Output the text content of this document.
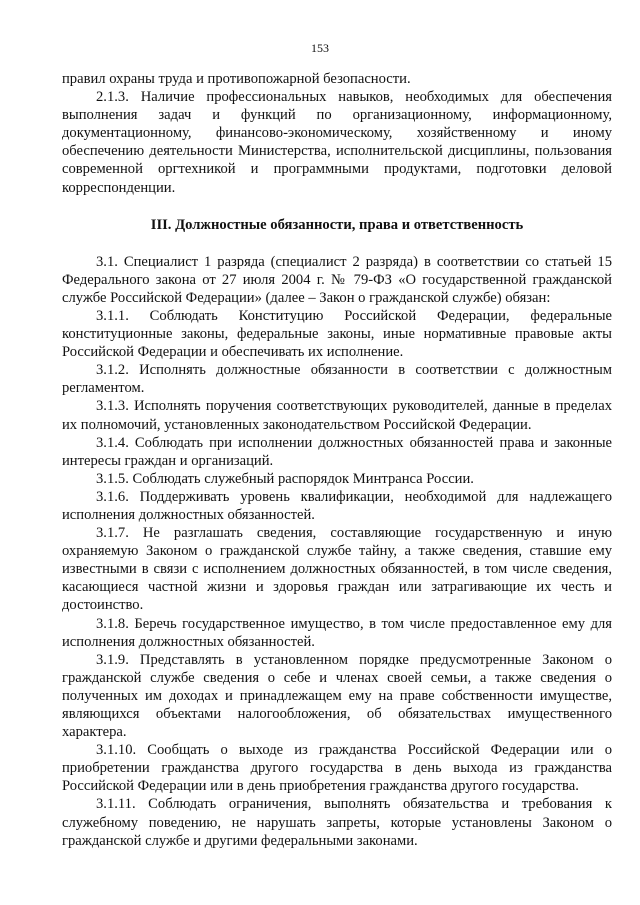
153

правил охраны труда и противопожарной безопасности.

2.1.3. Наличие профессиональных навыков, необходимых для обеспечения выполнения задач и функций по организационному, информационному, документационному, финансово-экономическому, хозяйственному и иному обеспечению деятельности Министерства, исполнительской дисциплины, пользования современной оргтехникой и программными продуктами, подготовки деловой корреспонденции.

III. Должностные обязанности, права и ответственность

3.1. Специалист 1 разряда (специалист 2 разряда) в соответствии со статьей 15 Федерального закона от 27 июля 2004 г. № 79-ФЗ «О государственной гражданской службе Российской Федерации» (далее – Закон о гражданской службе) обязан:

3.1.1. Соблюдать Конституцию Российской Федерации, федеральные конституционные законы, федеральные законы, иные нормативные правовые акты Российской Федерации и обеспечивать их исполнение.

3.1.2. Исполнять должностные обязанности в соответствии с должностным регламентом.

3.1.3. Исполнять поручения соответствующих руководителей, данные в пределах их полномочий, установленных законодательством Российской Федерации.

3.1.4. Соблюдать при исполнении должностных обязанностей права и законные интересы граждан и организаций.

3.1.5. Соблюдать служебный распорядок Минтранса России.

3.1.6. Поддерживать уровень квалификации, необходимой для надлежащего исполнения должностных обязанностей.

3.1.7. Не разглашать сведения, составляющие государственную и иную охраняемую Законом о гражданской службе тайну, а также сведения, ставшие ему известными в связи с исполнением должностных обязанностей, в том числе сведения, касающиеся частной жизни и здоровья граждан или затрагивающие их честь и достоинство.

3.1.8. Беречь государственное имущество, в том числе предоставленное ему для исполнения должностных обязанностей.

3.1.9. Представлять в установленном порядке предусмотренные Законом о гражданской службе сведения о себе и членах своей семьи, а также сведения о полученных им доходах и принадлежащем ему на праве собственности имуществе, являющихся объектами налогообложения, об обязательствах имущественного характера.

3.1.10. Сообщать о выходе из гражданства Российской Федерации или о приобретении гражданства другого государства в день выхода из гражданства Российской Федерации или в день приобретения гражданства другого государства.

3.1.11. Соблюдать ограничения, выполнять обязательства и требования к служебному поведению, не нарушать запреты, которые установлены Законом о гражданской службе и другими федеральными законами.
